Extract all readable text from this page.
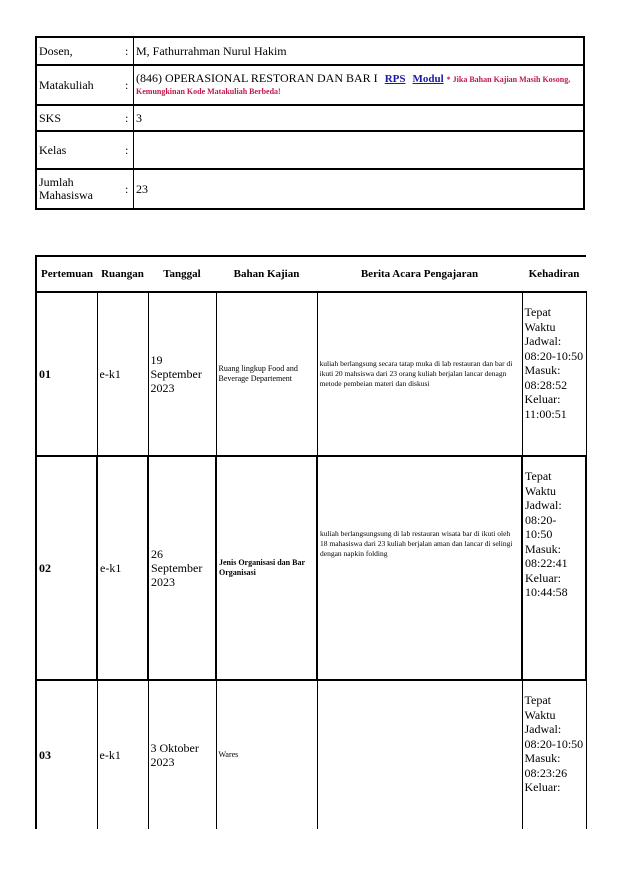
Dosen,	:	M, Fathurrahman Nurul Hakim
Matakuliah	:	(846) OPERASIONAL RESTORAN DAN BAR I RPS Modul * Jika Bahan Kajian Masih Kosong, Kemungkinan Kode Matakuliah Berbeda!
SKS	:	3
Kelas	:	
Jumlah Mahasiswa	:	23
Pertemuan	Ruangan	Tanggal	Bahan Kajian	Berita Acara Pengajaran	Kehadiran
01	e-k1	19 September 2023	Ruang lingkup Food and Beverage Departement	kuliah berlangsung secara tatap muka di lab restauran dan bar di ikuti 20 mahsiswa dari 23 orang kuliah berjalan lancar denagn metode pembeian materi dan diskusi	Tepat Waktu Jadwal: 08:20-10:50 Masuk: 08:28:52 Keluar: 11:00:51
02	e-k1	26 September 2023	Jenis Organisasi dan Bar Organisasi	kuliah berlangsungsung di lab restauran wisata bar di ikuti oleh 18 mahasiswa dari 23 kuliah berjalan aman dan lancar di selingi dengan napkin folding	Tepat Waktu Jadwal: 08:20-10:50 Masuk: 08:22:41 Keluar: 10:44:58
03	e-k1	3 Oktober 2023	Wares		Tepat Waktu Jadwal: 08:20-10:50 Masuk: 08:23:26 Keluar:
